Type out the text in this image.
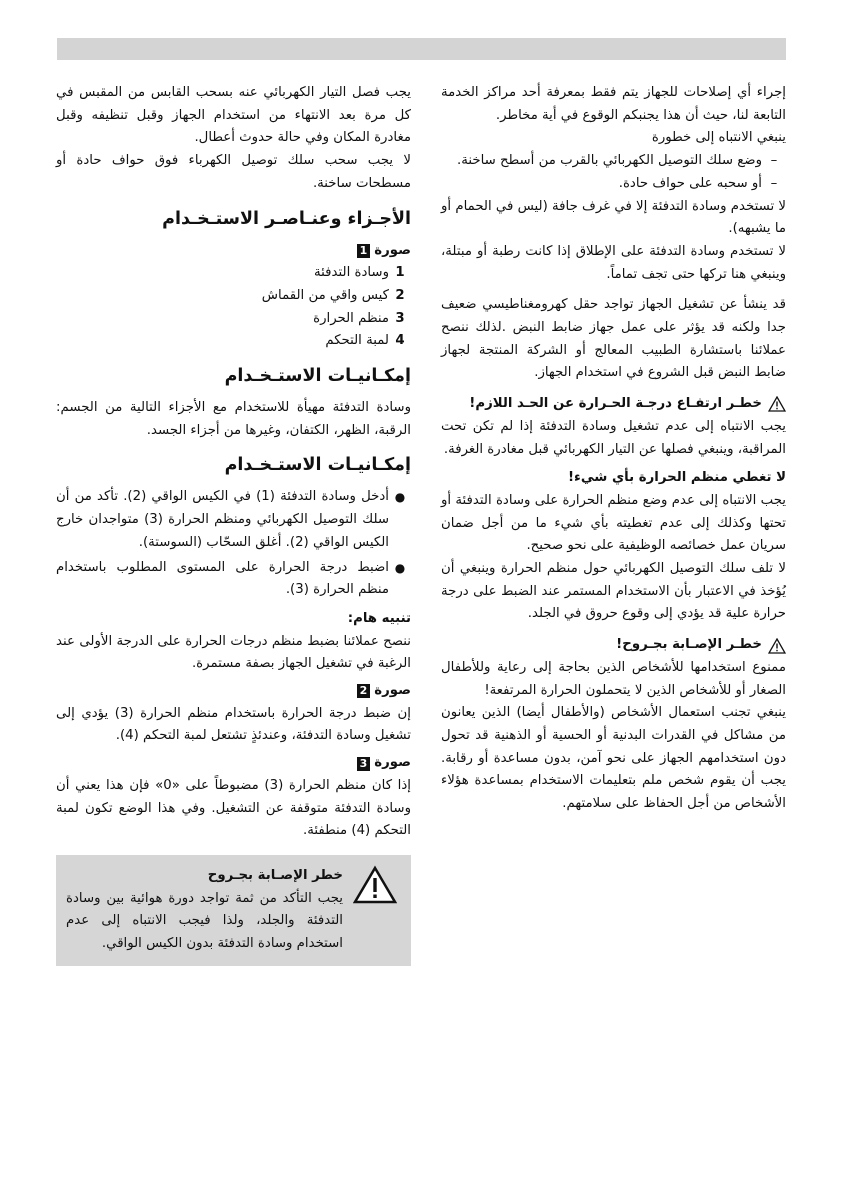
إجراء أي إصلاحات للجهاز يتم فقط بمعرفة أحد مراكز الخدمة التابعة لنا، حيث أن هذا يجنبكم الوقوع في أية مخاطر.

ينبغي الانتباه إلى خطورة

–
وضع سلك التوصيل الكهربائي بالقرب من أسطح ساخنة.
–
أو سحبه على حواف حادة.

لا تستخدم وسادة التدفئة إلا في غرف جافة (ليس في الحمام أو ما يشبهه).

لا تستخدم وسادة التدفئة على الإطلاق إذا كانت رطبة أو مبتلة، وينبغي هنا تركها حتى تجف تماماً.

قد ينشأ عن تشغيل الجهاز تواجد حقل كهرومغناطيسي ضعيف جدا ولكنه قد يؤثر على عمل جهاز ضابط النبض .لذلك ننصح عملائنا باستشارة الطبيب المعالج أو الشركة المنتجة لجهاز ضابط النبض قبل الشروع في استخدام الجهاز.

خطـر ارتفـاع درجـة الحـرارة عن الحـد اللازم!

يجب الانتباه إلى عدم تشغيل وسادة التدفئة إذا لم تكن تحت المراقبة، وينبغي فصلها عن التيار الكهربائي قبل مغادرة الغرفة.

لا تغطي منظم الحرارة بأي شيء!

يجب الانتباه إلى عدم وضع منظم الحرارة على وسادة التدفئة أو تحتها وكذلك إلى عدم تغطيته بأي شيء ما من أجل ضمان سريان عمل خصائصه الوظيفية على نحو صحيح.

لا تلف سلك التوصيل الكهربائي حول منظم الحرارة وينبغي أن يُؤخذ في الاعتبار بأن الاستخدام المستمر عند الضبط على درجة حرارة علية قد يؤدي إلى وقوع حروق في الجلد.

خطـر الإصـابة بجـروح!

ممنوع استخدامها للأشخاص الذين بحاجة إلى رعاية وللأطفال الصغار أو للأشخاص الذين لا يتحملون الحرارة المرتفعة!

ينبغي تجنب استعمال الأشخاص (والأطفال أيضا) الذين يعانون من مشاكل في القدرات البدنية أو الحسية أو الذهنية قد تحول دون استخدامهم الجهاز على نحو آمن، بدون مساعدة أو رقابة. يجب أن يقوم شخص ملم بتعليمات الاستخدام بمساعدة هؤلاء الأشخاص من أجل الحفاظ على سلامتهم.

يجب فصل التيار الكهربائي عنه بسحب القابس من المقبس في كل مرة بعد الانتهاء من استخدام الجهاز وقبل تنظيفه وقبل مغادرة المكان وفي حالة حدوث أعطال.

لا يجب سحب سلك توصيل الكهرباء فوق حواف حادة أو مسطحات ساخنة.

الأجـزاء وعنـاصـر الاستـخـدام

صورة
1
1
وسادة التدفئة
2
كيس واقي من القماش
3
منظم الحرارة
4
لمبة التحكم

إمكـانيـات الاستـخـدام

وسادة التدفئة مهيأة للاستخدام مع الأجزاء التالية من الجسم: الرقبة، الظهر، الكتفان، وغيرها من أجزاء الجسد.

إمكـانيـات الاستـخـدام

●
أدخل وسادة التدفئة (1) في الكيس الواقي (2). تأكد من أن سلك التوصيل الكهربائي ومنظم الحرارة (3) متواجدان خارج الكيس الواقي (2). أغلق السحّاب (السوستة).
●
اضبط درجة الحرارة على المستوى المطلوب باستخدام منظم الحرارة (3).

تنبيه هام:

ننصح عملائنا بضبط منظم درجات الحرارة على الدرجة الأولى عند الرغبة في تشغيل الجهاز بصفة مستمرة.

صورة
2

إن ضبط درجة الحرارة باستخدام منظم الحرارة (3) يؤدي إلى تشغيل وسادة التدفئة، وعندئذٍ تشتعل لمبة التحكم (4).

صورة
3

إذا كان منظم الحرارة (3) مضبوطاً على «0» فإن هذا يعني أن وسادة التدفئة متوقفة عن التشغيل. وفي هذا الوضع تكون لمبة التحكم (4) منطفئة.

خطر الإصـابة بجـروح

يجب التأكد من ثمة تواجد دورة هوائية بين وسادة التدفئة والجلد، ولذا فيجب الانتباه إلى عدم استخدام وسادة التدفئة بدون الكيس الواقي.
